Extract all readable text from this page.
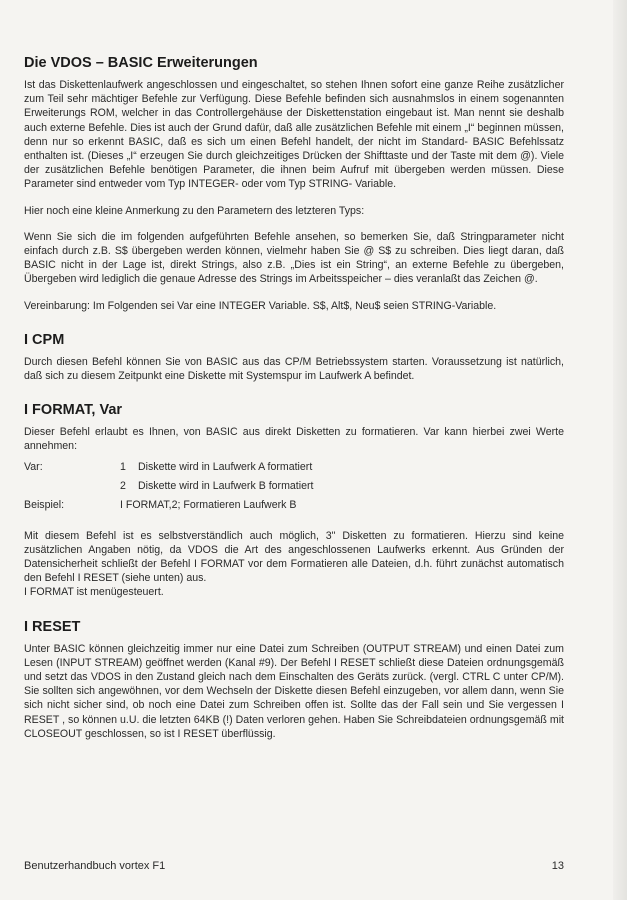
Die VDOS – BASIC Erweiterungen

Ist das Diskettenlaufwerk angeschlossen und eingeschaltet, so stehen Ihnen sofort eine ganze Reihe zusätzlicher zum Teil sehr mächtiger Befehle zur Verfügung. Diese Befehle befinden sich ausnahmslos in einem sogenannten Erweiterungs ROM, welcher in das Controllergehäuse der Diskettenstation eingebaut ist. Man nennt sie deshalb auch externe Befehle. Dies ist auch der Grund dafür, daß alle zusätzlichen Befehle mit einem „I“ beginnen müssen, denn nur so erkennt BASIC, daß es sich um einen Befehl handelt, der nicht im Standard- BASIC Befehlssatz enthalten ist. (Dieses „I“ erzeugen Sie durch gleichzeitiges Drücken der Shifttaste und der Taste mit dem @). Viele der zusätzlichen Befehle benötigen Parameter, die ihnen beim Aufruf mit übergeben werden müssen. Diese Parameter sind entweder vom Typ INTEGER- oder vom Typ STRING- Variable.

Hier noch eine kleine Anmerkung zu den Parametern des letzteren Typs:

Wenn Sie sich die im folgenden aufgeführten Befehle ansehen, so bemerken Sie, daß Stringparameter nicht einfach durch z.B. S$ übergeben werden können, vielmehr haben Sie @ S$ zu schreiben. Dies liegt daran, daß BASIC nicht in der Lage ist, direkt Strings, also z.B. „Dies ist ein String“, an externe Befehle zu übergeben, Übergeben wird lediglich die genaue Adresse des Strings im Arbeitsspeicher – dies veranlaßt das Zeichen @.

Vereinbarung: Im Folgenden sei Var eine INTEGER Variable. S$, Alt$, Neu$ seien STRING-Variable.

I CPM

Durch diesen Befehl können Sie von BASIC aus das CP/M Betriebssystem starten. Voraussetzung ist natürlich, daß sich zu diesem Zeitpunkt eine Diskette mit Systemspur im Laufwerk A befindet.

I FORMAT, Var

Dieser Befehl erlaubt es Ihnen, von BASIC aus direkt Disketten zu formatieren. Var kann hierbei zwei Werte annehmen:

Var:	1	Diskette wird in Laufwerk A formatiert
	2	Diskette wird in Laufwerk B formatiert
Beispiel:	I FORMAT,2; Formatieren Laufwerk B	

Mit diesem Befehl ist es selbstverständlich auch möglich, 3" Disketten zu formatieren. Hierzu sind keine zusätzlichen Angaben nötig, da VDOS die Art des angeschlossenen Laufwerks erkennt. Aus Gründen der Datensicherheit schließt der Befehl I FORMAT vor dem Formatieren alle Dateien, d.h. führt zunächst automatisch den Befehl I RESET (siehe unten) aus.

I FORMAT ist menügesteuert.

I RESET

Unter BASIC können gleichzeitig immer nur eine Datei zum Schreiben (OUTPUT STREAM) und einen Datei zum Lesen (INPUT STREAM) geöffnet werden (Kanal #9). Der Befehl I RESET schließt diese Dateien ordnungsgemäß und setzt das VDOS in den Zustand gleich nach dem Einschalten des Geräts zurück. (vergl. CTRL C unter CP/M). Sie sollten sich angewöhnen, vor dem Wechseln der Diskette diesen Befehl einzugeben, vor allem dann, wenn Sie sich nicht sicher sind, ob noch eine Datei zum Schreiben offen ist. Sollte das der Fall sein und Sie vergessen I RESET , so können u.U. die letzten 64KB (!) Daten verloren gehen. Haben Sie Schreibdateien ordnungsgemäß mit CLOSEOUT geschlossen, so ist I RESET überflüssig.

Benutzerhandbuch vortex F1	13
